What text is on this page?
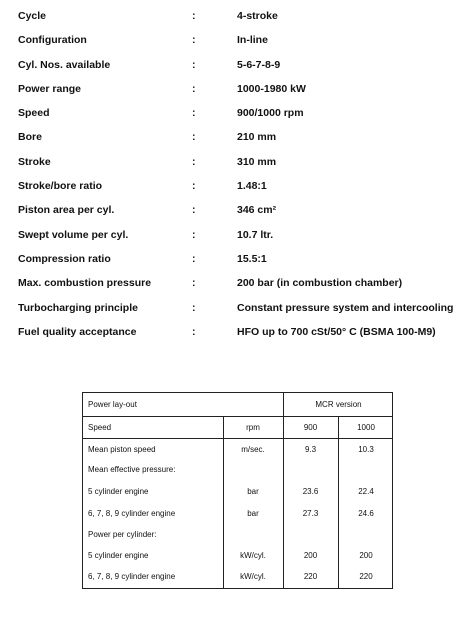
Cycle	:	4-stroke
Configuration	:	In-line
Cyl. Nos. available	:	5-6-7-8-9
Power range	:	1000-1980 kW
Speed	:	900/1000 rpm
Bore	:	210 mm
Stroke	:	310 mm
Stroke/bore ratio	:	1.48:1
Piston area per cyl.	:	346 cm²
Swept volume per cyl.	:	10.7 ltr.
Compression ratio	:	15.5:1
Max. combustion pressure	:	200 bar (in combustion chamber)
Turbocharging principle	:	Constant pressure system and intercooling
Fuel quality acceptance	:	HFO up to 700 cSt/50° C (BSMA 100-M9)
Power lay-out	MCR version
Speed	rpm	900	1000
Mean piston speed	m/sec.	9.3	10.3
Mean effective pressure:
5 cylinder engine	bar	23.6	22.4
6, 7, 8, 9 cylinder engine	bar	27.3	24.6
Power per cylinder:
5 cylinder engine	kW/cyl.	200	200
6, 7, 8, 9 cylinder engine	kW/cyl.	220	220
